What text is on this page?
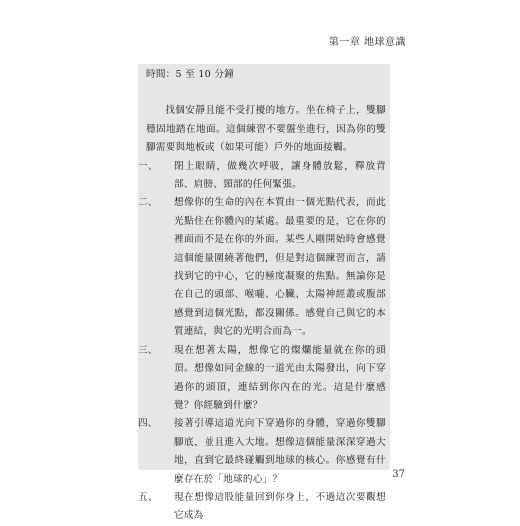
第一章 地球意識

時間：5 至 10 分鐘

找個安靜且能不受打擾的地方。坐在椅子上，雙腳穩固地踏在地面。這個練習不要盤坐進行，因為你的雙腳需要與地板或（如果可能）戶外的地面接觸。

一、	閉上眼睛，做幾次呼吸，讓身體放鬆，釋放背部、肩膀、頸部的任何緊張。
二、	想像你的生命的內在本質由一個光點代表，而此光點住在你體內的某處。最重要的是，它在你的裡面而不是在你的外面。某些人剛開始時會感覺這個能量圍繞著他們，但是對這個練習而言，請找到它的中心，它的極度凝聚的焦點。無論你是在自己的頭部、喉嚨、心臟、太陽神經叢或腹部感覺到這個光點，都沒關係。感覺自己與它的本質連結，與它的光明合而為一。
三、	現在想著太陽，想像它的燦爛能量就在你的頭頂。想像如同金線的一道光由太陽發出，向下穿過你的頭頂，連結到你內在的光。這是什麼感覺？你經驗到什麼？
四、	接著引導這道光向下穿過你的身體，穿過你雙腳腳底，並且進入大地。想像這個能量深深穿過大地，直到它最終碰觸到地球的核心。你感覺有什麼存在於「地球的心」？
五、	現在想像這股能量回到你身上，不過這次要觀想它成為
37
